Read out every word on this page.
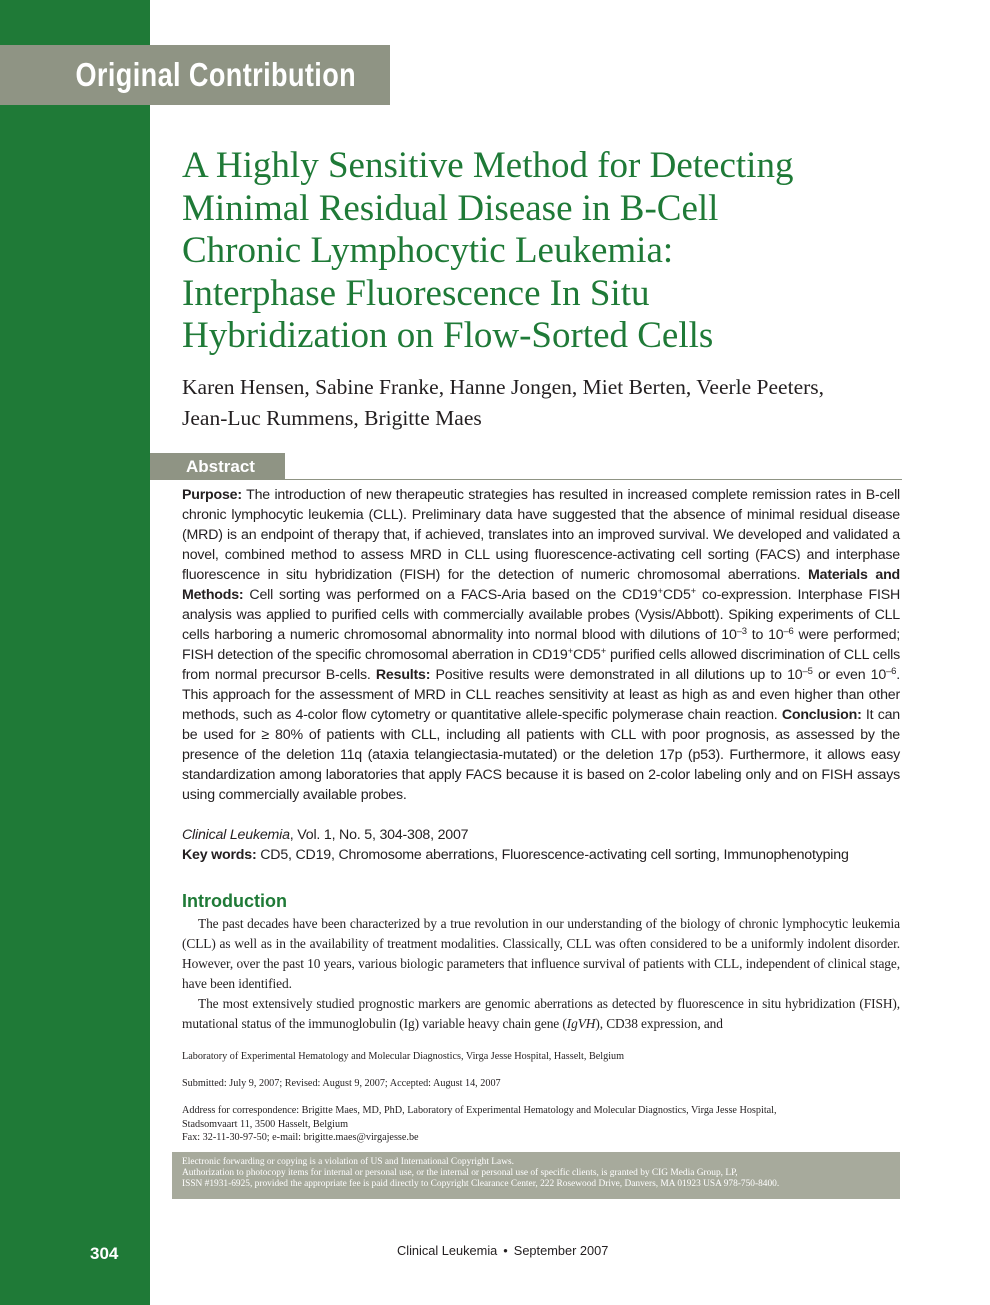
Original Contribution
A Highly Sensitive Method for Detecting
Minimal Residual Disease in B-Cell
Chronic Lymphocytic Leukemia:
Interphase Fluorescence In Situ
Hybridization on Flow-Sorted Cells
Karen Hensen, Sabine Franke, Hanne Jongen, Miet Berten, Veerle Peeters,
Jean-Luc Rummens, Brigitte Maes
Abstract
Purpose: The introduction of new therapeutic strategies has resulted in increased complete remission rates in B-cell chronic lymphocytic leukemia (CLL). Preliminary data have suggested that the absence of minimal residual disease (MRD) is an endpoint of therapy that, if achieved, translates into an improved survival. We developed and validated a novel, combined method to assess MRD in CLL using fluorescence-activating cell sorting (FACS) and interphase fluorescence in situ hybridization (FISH) for the detection of numeric chromosomal aberrations. Materials and Methods: Cell sorting was performed on a FACS-Aria based on the CD19+CD5+ co-expression. Interphase FISH analysis was applied to purified cells with commercially available probes (Vysis/Abbott). Spiking experiments of CLL cells harboring a numeric chromosomal abnormality into normal blood with dilutions of $10^{-3}$ to $10^{-6}$ were performed; FISH detection of the specific chromosomal aberration in CD19+CD5+ purified cells allowed discrimination of CLL cells from normal precursor B-cells. Results: Positive results were demonstrated in all dilutions up to $10^{-5}$ or even $10^{-6}$. This approach for the assessment of MRD in CLL reaches sensitivity at least as high as and even higher than other methods, such as 4-color flow cytometry or quantitative allele-specific polymerase chain reaction. Conclusion: It can be used for ≥ 80% of patients with CLL, including all patients with CLL with poor prognosis, as assessed by the presence of the deletion 11q (ataxia telangiectasia-mutated) or the deletion 17p (p53). Furthermore, it allows easy standardization among laboratories that apply FACS because it is based on 2-color labeling only and on FISH assays using commercially available probes.
Clinical Leukemia, Vol. 1, No. 5, 304-308, 2007
Key words: CD5, CD19, Chromosome aberrations, Fluorescence-activating cell sorting, Immunophenotyping
Introduction

The past decades have been characterized by a true revolution in our understanding of the biology of chronic lymphocytic leukemia (CLL) as well as in the availability of treatment modalities. Classically, CLL was often considered to be a uniformly indolent disorder. However, over the past 10 years, various biologic parameters that influence survival of patients with CLL, independent of clinical stage, have been identified.

The most extensively studied prognostic markers are genomic aberrations as detected by fluorescence in situ hybridization (FISH), mutational status of the immunoglobulin (Ig) variable heavy chain gene (IgVH), CD38 expression, and

Laboratory of Experimental Hematology and Molecular Diagnostics, Virga Jesse Hospital, Hasselt, Belgium
Submitted: July 9, 2007; Revised: August 9, 2007; Accepted: August 14, 2007
Address for correspondence: Brigitte Maes, MD, PhD, Laboratory of Experimental Hematology and Molecular Diagnostics, Virga Jesse Hospital,
Stadsomvaart 11, 3500 Hasselt, Belgium
Fax: 32-11-30-97-50; e-mail: brigitte.maes@virgajesse.be
Electronic forwarding or copying is a violation of US and International Copyright Laws.
Authorization to photocopy items for internal or personal use, or the internal or personal use of specific clients, is granted by CIG Media Group, LP,
ISSN #1931-6925, provided the appropriate fee is paid directly to Copyright Clearance Center, 222 Rosewood Drive, Danvers, MA 01923 USA 978-750-8400.
304	Clinical Leukemia • September 2007
